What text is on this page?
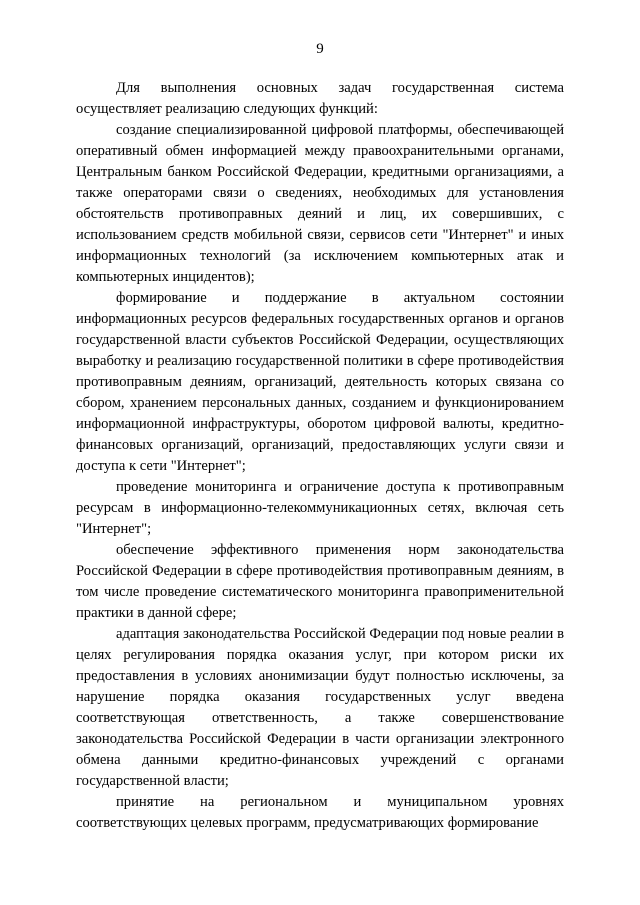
9

Для выполнения основных задач государственная система осуществляет реализацию следующих функций:

создание специализированной цифровой платформы, обеспечивающей оперативный обмен информацией между правоохранительными органами, Центральным банком Российской Федерации, кредитными организациями, а также операторами связи о сведениях, необходимых для установления обстоятельств противоправных деяний и лиц, их совершивших, с использованием средств мобильной связи, сервисов сети "Интернет" и иных информационных технологий (за исключением компьютерных атак и компьютерных инцидентов);

формирование и поддержание в актуальном состоянии информационных ресурсов федеральных государственных органов и органов государственной власти субъектов Российской Федерации, осуществляющих выработку и реализацию государственной политики в сфере противодействия противоправным деяниям, организаций, деятельность которых связана со сбором, хранением персональных данных, созданием и функционированием информационной инфраструктуры, оборотом цифровой валюты, кредитно-финансовых организаций, организаций, предоставляющих услуги связи и доступа к сети "Интернет";

проведение мониторинга и ограничение доступа к противоправным ресурсам в информационно-телекоммуникационных сетях, включая сеть "Интернет";

обеспечение эффективного применения норм законодательства Российской Федерации в сфере противодействия противоправным деяниям, в том числе проведение систематического мониторинга правоприменительной практики в данной сфере;

адаптация законодательства Российской Федерации под новые реалии в целях регулирования порядка оказания услуг, при котором риски их предоставления в условиях анонимизации будут полностью исключены, за нарушение порядка оказания государственных услуг введена соответствующая ответственность, а также совершенствование законодательства Российской Федерации в части организации электронного обмена данными кредитно-финансовых учреждений с органами государственной власти;

принятие на региональном и муниципальном уровнях соответствующих целевых программ, предусматривающих формирование
